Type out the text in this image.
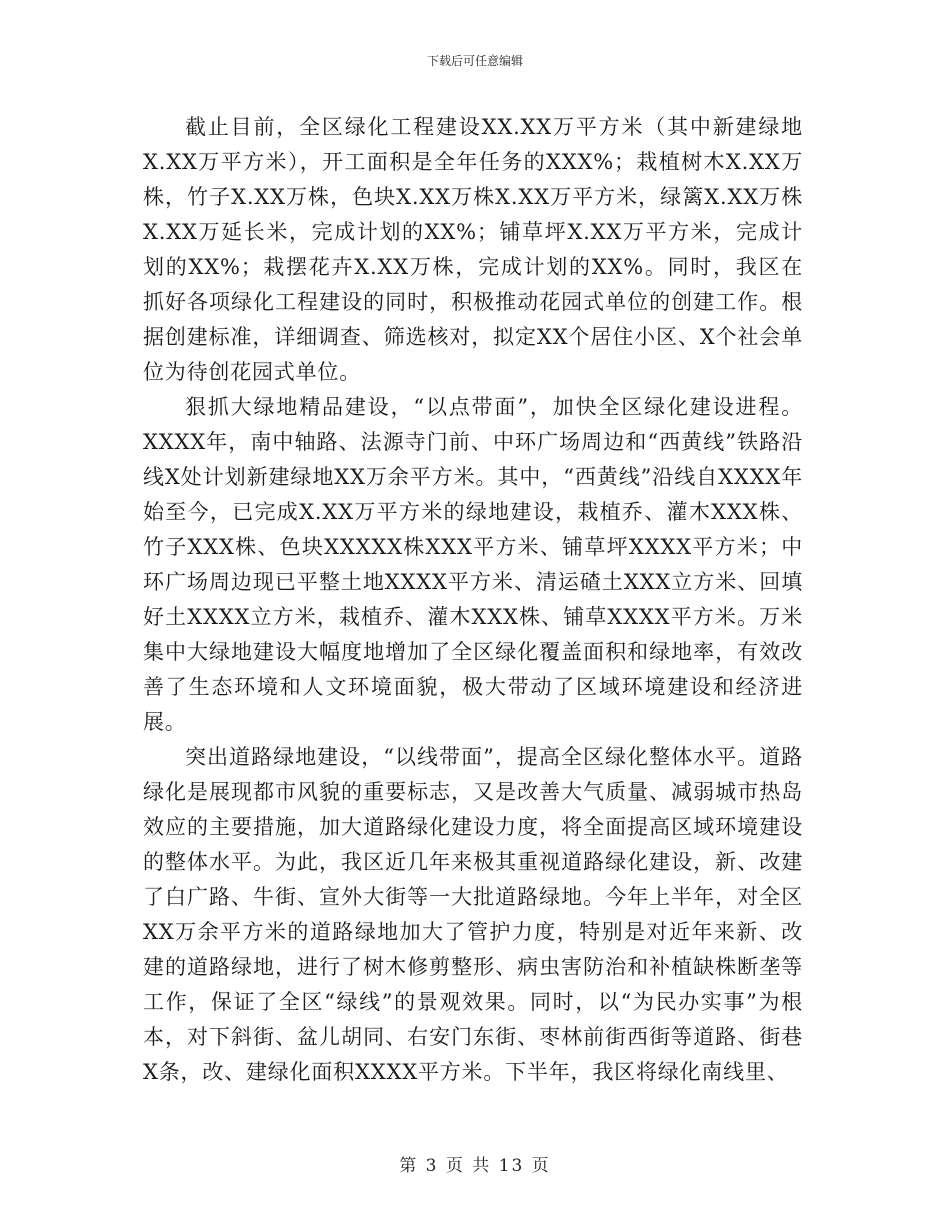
下载后可任意编辑

截止目前，全区绿化工程建设XX.XX万平方米（其中新建绿地X.XX万平方米），开工面积是全年任务的XXX%；栽植树木X.XX万株，竹子X.XX万株，色块X.XX万株X.XX万平方米，绿篱X.XX万株X.XX万延长米，完成计划的XX%；铺草坪X.XX万平方米，完成计划的XX%；栽摆花卉X.XX万株，完成计划的XX%。同时，我区在抓好各项绿化工程建设的同时，积极推动花园式单位的创建工作。根据创建标准，详细调查、筛选核对，拟定XX个居住小区、X个社会单位为待创花园式单位。

狠抓大绿地精品建设，“以点带面”，加快全区绿化建设进程。XXXX年，南中轴路、法源寺门前、中环广场周边和“西黄线”铁路沿线X处计划新建绿地XX万余平方米。其中，“西黄线”沿线自XXXX年始至今，已完成X.XX万平方米的绿地建设，栽植乔、灌木XXX株、竹子XXX株、色块XXXXX株XXX平方米、铺草坪XXXX平方米；中环广场周边现已平整土地XXXX平方米、清运碴土XXX立方米、回填好土XXXX立方米，栽植乔、灌木XXX株、铺草XXXX平方米。万米集中大绿地建设大幅度地增加了全区绿化覆盖面积和绿地率，有效改善了生态环境和人文环境面貌，极大带动了区域环境建设和经济进展。

突出道路绿地建设，“以线带面”，提高全区绿化整体水平。道路绿化是展现都市风貌的重要标志，又是改善大气质量、减弱城市热岛效应的主要措施，加大道路绿化建设力度，将全面提高区域环境建设的整体水平。为此，我区近几年来极其重视道路绿化建设，新、改建了白广路、牛街、宣外大街等一大批道路绿地。今年上半年，对全区XX万余平方米的道路绿地加大了管护力度，特别是对近年来新、改建的道路绿地，进行了树木修剪整形、病虫害防治和补植缺株断垄等工作，保证了全区“绿线”的景观效果。同时，以“为民办实事”为根本，对下斜街、盆儿胡同、右安门东街、枣林前街西街等道路、街巷X条，改、建绿化面积XXXX平方米。下半年，我区将绿化南线里、

第 3 页 共 13 页
